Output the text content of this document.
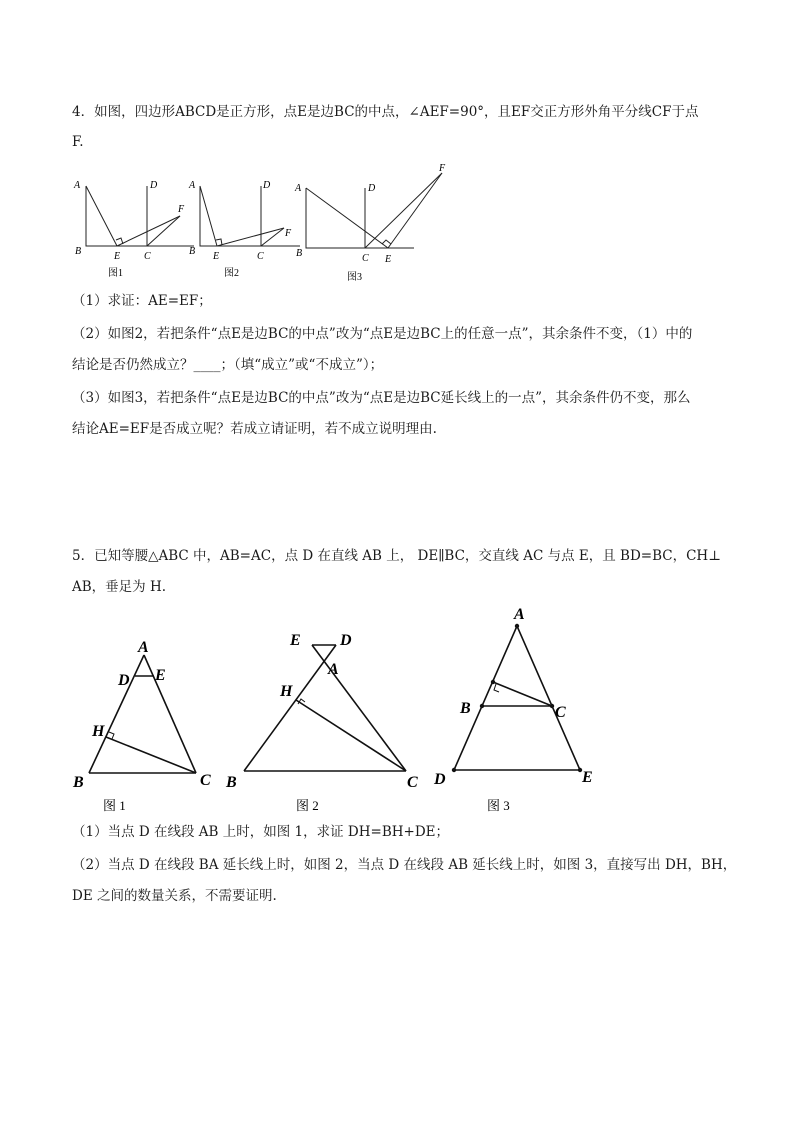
4．如图，四边形ABCD是正方形，点E是边BC的中点，∠AEF=90°，且EF交正方形外角平分线CF于点
F.
A	D
B	E C
F
图1
A	D
B E	C
F
图2
A	D
B	C E
F
图3
（1）求证：AE=EF；
（2）如图2，若把条件“点E是边BC的中点”改为“点E是边BC上的任意一点”，其余条件不变，（1）中的
结论是否仍然成立？____；（填“成立”或“不成立”）；
（3）如图3，若把条件“点E是边BC的中点”改为“点E是边BC延长线上的一点”，其余条件仍不变，那么
结论AE=EF是否成立呢？若成立请证明，若不成立说明理由.
5．已知等腰△ABC 中，AB=AC，点 D 在直线 AB 上， DE∥BC，交直线 AC 与点 E，且 BD=BC，CH⊥
AB，垂足为 H.
A
D E
H
B	C
图 1
E D
A
H
B	C
图 2
A
B	C
D	E
图 3
（1）当点 D 在线段 AB 上时，如图 1，求证 DH=BH+DE；
（2）当点 D 在线段 BA 延长线上时，如图 2，当点 D 在线段 AB 延长线上时，如图 3，直接写出 DH，BH，
DE 之间的数量关系，不需要证明.
